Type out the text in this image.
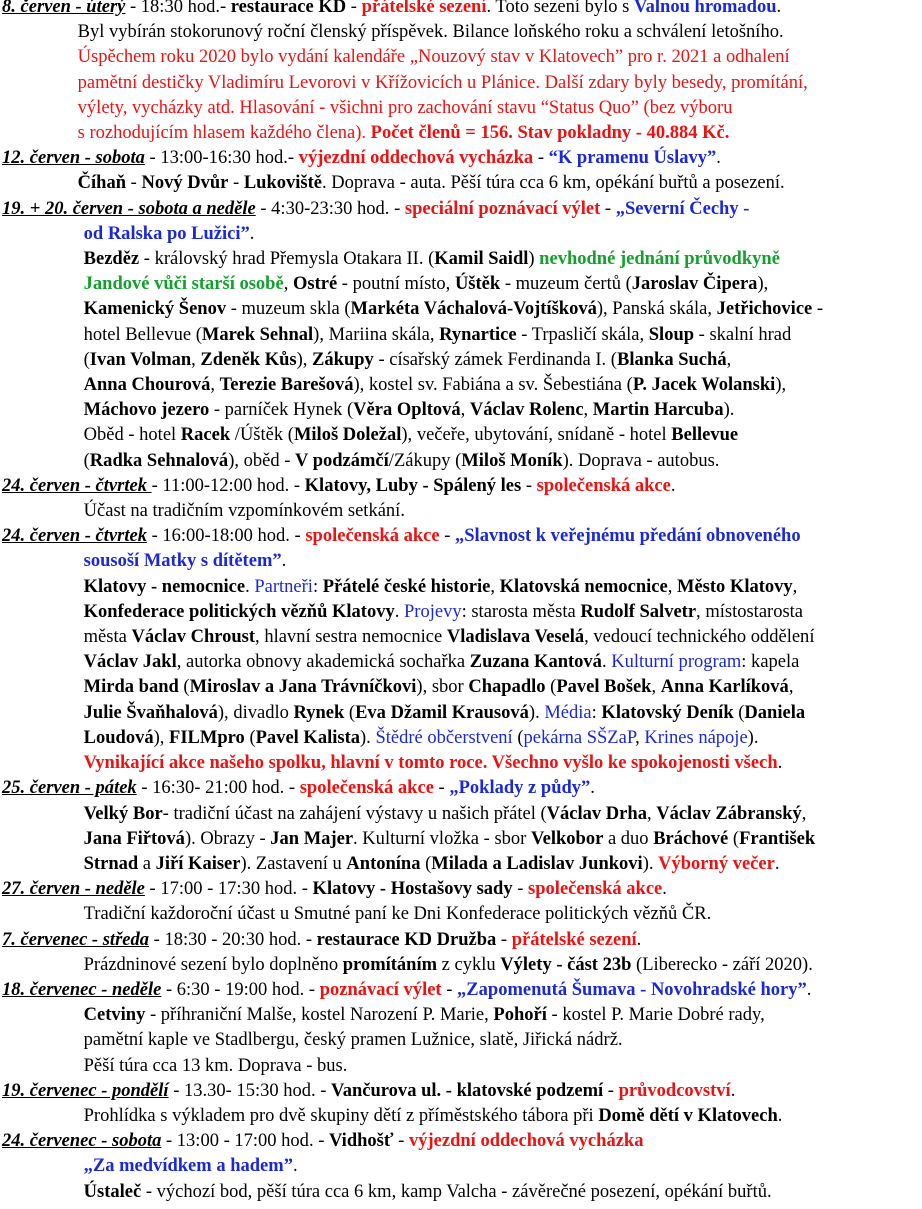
8. červen - úterý - 18:30 hod.- restaurace KD - přátelské sezení. Toto sezení bylo s Valnou hromadou.
Byl vybírán stokorunový roční členský příspěvek. Bilance loňského roku a schválení letošního.
Úspěchem roku 2020 bylo vydání kalendáře „Nouzový stav v Klatovech” pro r. 2021 a odhalení
pamětní destičky Vladimíru Levorovi v Křížovicích u Plánice. Další zdary byly besedy, promítání,
výlety, vycházky atd. Hlasování - všichni pro zachování stavu “Status Quo” (bez výboru
s rozhodujícím hlasem každého člena). Počet členů = 156. Stav pokladny - 40.884 Kč.
12. červen - sobota - 13:00-16:30 hod.- výjezdní oddechová vycházka - “K pramenu Úslavy”.
Číhaň - Nový Dvůr - Lukoviště. Doprava - auta. Pěší túra cca 6 km, opékání buřtů a posezení.
19. + 20. červen - sobota a neděle - 4:30-23:30 hod. - speciální poznávací výlet - „Severní Čechy -
od Ralska po Lužici”.
Bezděz - královský hrad Přemysla Otakara II. (Kamil Saidl) nevhodné jednání průvodkyně
Jandové vůči starší osobě, Ostré - poutní místo, Úštěk - muzeum čertů (Jaroslav Čipera),
Kamenický Šenov - muzeum skla (Markéta Váchalová-Vojtíšková), Panská skála, Jetřichovice -
hotel Bellevue (Marek Sehnal), Mariina skála, Rynartice - Trpasličí skála, Sloup - skalní hrad
(Ivan Volman, Zdeněk Kůs), Zákupy - císařský zámek Ferdinanda I. (Blanka Suchá,
Anna Chourová, Terezie Barešová), kostel sv. Fabiána a sv. Šebestiána (P. Jacek Wolanski),
Máchovo jezero - parníček Hynek (Věra Opltová, Václav Rolenc, Martin Harcuba).
Oběd - hotel Racek /Úštěk (Miloš Doležal), večeře, ubytování, snídaně - hotel Bellevue
(Radka Sehnalová), oběd - V podzámčí/Zákupy (Miloš Moník). Doprava - autobus.
24. červen - čtvrtek - 11:00-12:00 hod. - Klatovy, Luby - Spálený les - společenská akce.
Účast na tradičním vzpomínkovém setkání.
24. červen - čtvrtek - 16:00-18:00 hod. - společenská akce - „Slavnost k veřejnému předání obnoveného
sousoší Matky s dítětem”.
Klatovy - nemocnice. Partneři: Přátelé české historie, Klatovská nemocnice, Město Klatovy,
Konfederace politických vězňů Klatovy. Projevy: starosta města Rudolf Salvetr, místostarosta
města Václav Chroust, hlavní sestra nemocnice Vladislava Veselá, vedoucí technického oddělení
Václav Jakl, autorka obnovy akademická sochařka Zuzana Kantová. Kulturní program: kapela
Mirda band (Miroslav a Jana Trávníčkovi), sbor Chapadlo (Pavel Bošek, Anna Karlíková,
Julie Švaňhalová), divadlo Rynek (Eva Džamil Krausová). Média: Klatovský Deník (Daniela
Loudová), FILMpro (Pavel Kalista). Štědré občerstvení (pekárna SŠZaP, Krines nápoje).
Vynikající akce našeho spolku, hlavní v tomto roce. Všechno vyšlo ke spokojenosti všech.
25. červen - pátek - 16:30- 21:00 hod. - společenská akce - „Poklady z půdy”.
Velký Bor- tradiční účast na zahájení výstavy u našich přátel (Václav Drha, Václav Zábranský,
Jana Fiřtová). Obrazy - Jan Majer. Kulturní vložka - sbor Velkobor a duo Bráchové (František
Strnad a Jiří Kaiser). Zastavení u Antonína (Milada a Ladislav Junkovi). Výborný večer.
27. červen - neděle - 17:00 - 17:30 hod. - Klatovy - Hostašovy sady - společenská akce.
Tradiční každoroční účast u Smutné paní ke Dni Konfederace politických vězňů ČR.
7. červenec - středa - 18:30 - 20:30 hod. - restaurace KD Družba - přátelské sezení.
Prázdninové sezení bylo doplněno promítáním z cyklu Výlety - část 23b (Liberecko - září 2020).
18. červenec - neděle - 6:30 - 19:00 hod. - poznávací výlet - „Zapomenutá Šumava - Novohradské hory”.
Cetviny - příhraniční Malše, kostel Narození P. Marie, Pohoří - kostel P. Marie Dobré rady,
pamětní kaple ve Stadlbergu, český pramen Lužnice, slatě, Jiřická nádrž.
Pěší túra cca 13 km. Doprava - bus.
19. červenec - pondělí - 13.30- 15:30 hod. - Vančurova ul. - klatovské podzemí - průvodcovství.
Prohlídka s výkladem pro dvě skupiny dětí z příměstského tábora při Domě dětí v Klatovech.
24. červenec - sobota - 13:00 - 17:00 hod. - Vidhošť - výjezdní oddechová vycházka
„Za medvídkem a hadem”.
Ústaleč - výchozí bod, pěší túra cca 6 km, kamp Valcha - závěrečné posezení, opékání buřtů.
